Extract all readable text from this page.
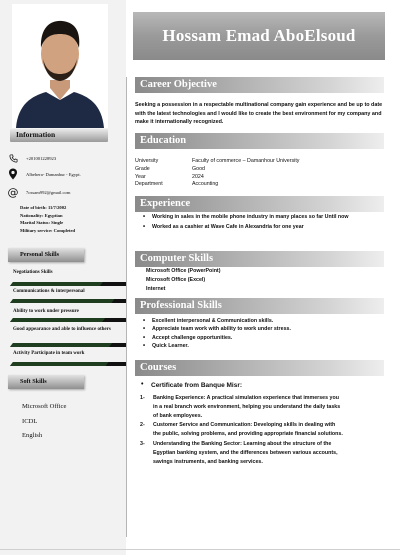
Information
+201001228923
Albehera- Damanhur - Egypt.
@ 7ossam992@gmail.com
Date of birth: 11/7/2002
Nationality: Egyptian
Marital Status: Single
Military service: Completed
Personal Skills
Negotiations Skills
Communications & interpersonal
Ability to work under pressure
Good appearance and able to influence others
Activity Participate in team work
Soft Skills
Microsoft Office
ICDL
English
Hossam Emad AboElsoud
Career Objective
Seeking a possession in a respectable multinational company gain experience and be up to date with the latest technologies and I would like to create the best environment for my company and make it internationally recognized.
Education
University	Faculty of commerce – Damanhour University
Grade	Good
Year	2024
Department	Accounting
Experience
• Working in sales in the mobile phone industry in many places so far Until now
• Worked as a cashier at Wave Cafe in Alexandria for one year
Computer Skills
Microsoft Office (PowerPoint)
Microsoft Office (Excel)
Internet
Professional Skills
• Excellent interpersonal & Communication skills.
• Appreciate team work with ability to work under stress.
• Accept challenge opportunities.
• Quick Learner.
Courses
• Certificate from Banque Misr:
1- Banking Experience: A practical simulation experience that immerses you in a real branch work environment, helping you understand the daily tasks of bank employees.
2- Customer Service and Communication: Developing skills in dealing with the public, solving problems, and providing appropriate financial solutions.
3- Understanding the Banking Sector: Learning about the structure of the Egyptian banking system, and the differences between various accounts, savings instruments, and banking services.
